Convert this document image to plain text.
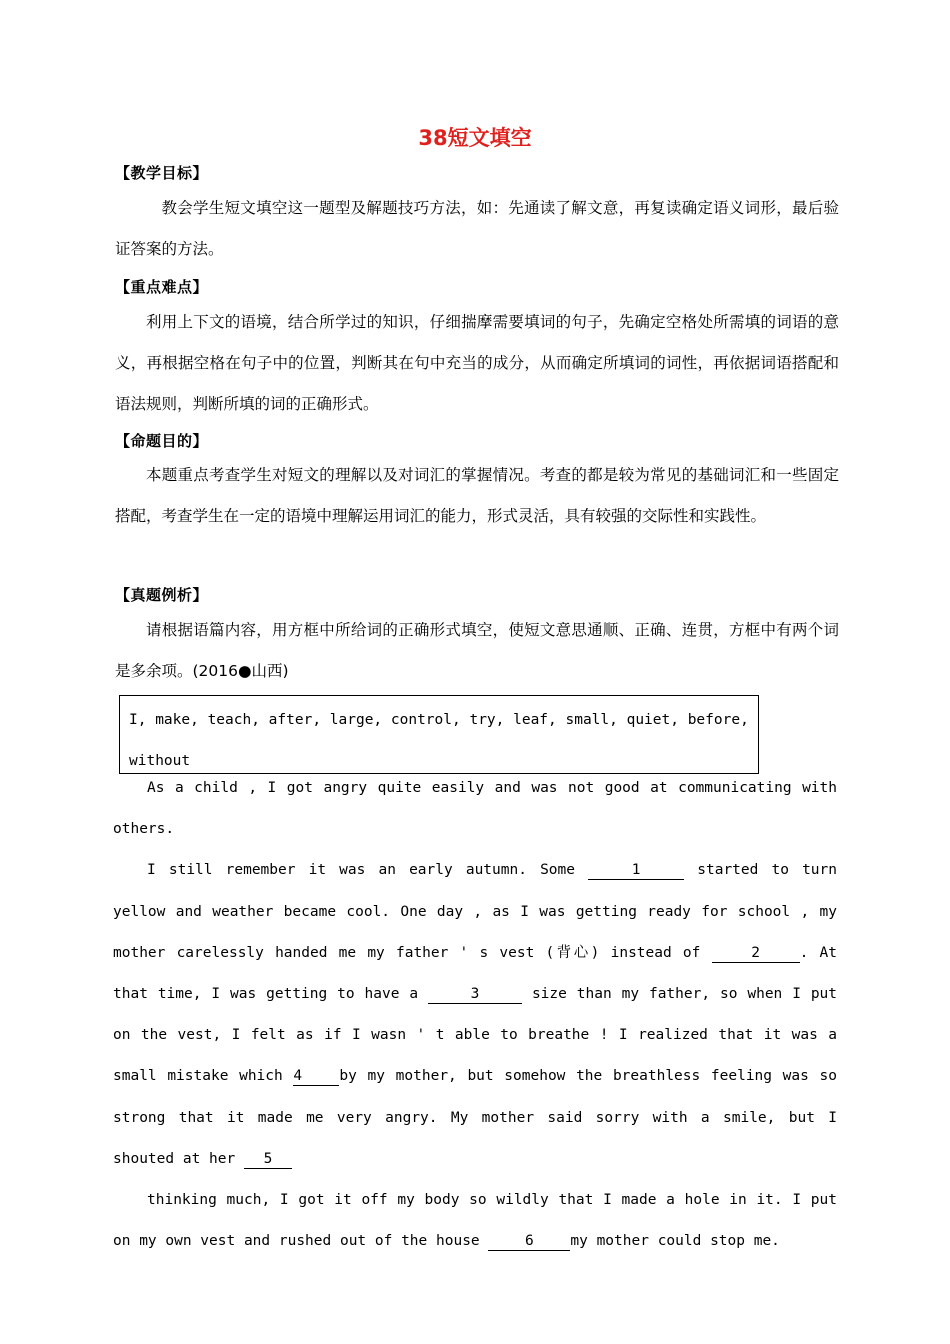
38短文填空
【教学目标】
教会学生短文填空这一题型及解题技巧方法，如：先通读了解文意，再复读确定语义词形，最后验证答案的方法。
【重点难点】
利用上下文的语境，结合所学过的知识，仔细揣摩需要填词的句子，先确定空格处所需填的词语的意义，再根据空格在句子中的位置，判断其在句中充当的成分，从而确定所填词的词性，再依据词语搭配和语法规则，判断所填的词的正确形式。
【命题目的】
本题重点考查学生对短文的理解以及对词汇的掌握情况。考查的都是较为常见的基础词汇和一些固定搭配，考查学生在一定的语境中理解运用词汇的能力，形式灵活，具有较强的交际性和实践性。
【真题例析】
请根据语篇内容，用方框中所给词的正确形式填空，使短文意思通顺、正确、连贯，方框中有两个词是多余项。(2016●山西)
I, make, teach, after, large, control, try, leaf, small, quiet, before, without

As a child , I got angry quite easily and was not good at communicating with others.

I still remember it was an early autumn. Some	1	started to turn yellow and weather became cool. One day , as I was getting ready for school , my mother carelessly handed me my father ' s vest (背心) instead of	2	. At that time, I was getting to have a	3	size than my father, so when I put on the vest, I felt as if I wasn ' t able to breathe ! I realized that it was a small mistake which 4	by my mother, but somehow the breathless feeling was so strong that it made me very angry. My mother said sorry with a smile, but I shouted at her 5

thinking much, I got it off my body so wildly that I made a hole in it. I put on my own vest and rushed out of the house	6	my mother could stop me.
